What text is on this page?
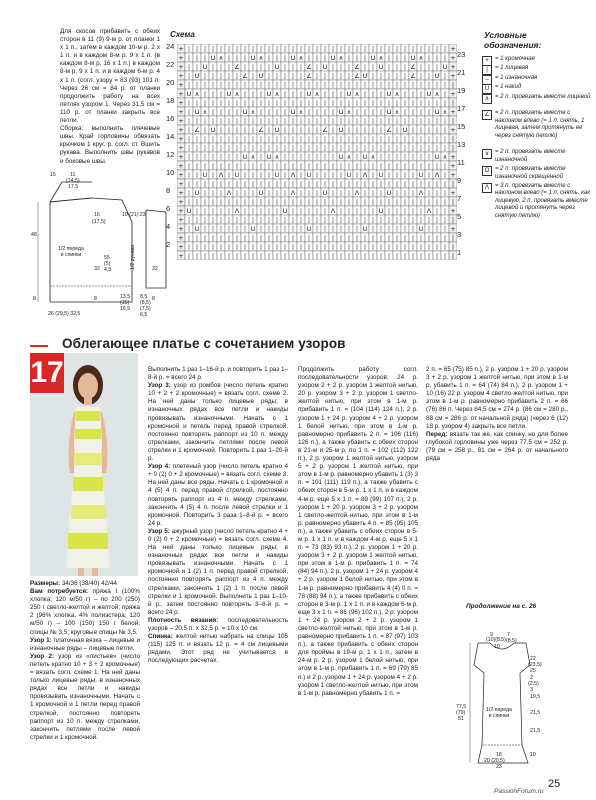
Для скосов прибавить с обеих сторон в 11 (9) 9-м р. от планки 1 х 1 п., затем в каждом 10-м р. 2 х 1 п. и в каждом 8-м р. 9 х 1 п. (в каждом 8-м р. 16 х 1 п.) в каждом 8-м р. 9 х 1 п. и в каждом 6-м р. 4 х 1 п. (согл. узору = 83 (93) 101 п. Через 26 см = 84 р. от планки продолжить работу на всех петлях узором 1. Через 31,5 см = 110 р. от планки закрыть все петли.

Сборка: выполнить плечевые швы. Край горловины обвязать крючком 1 круг. р. согл. ст. Вшить рукава. Выполнить швы рукавов и боковые швы.

15	11
(14,5)
17,5
48
1/2 переда и спинки
16
(17,5)
32
8	8
26 (29,5) 32,5
55
(5)
4,5
19 (21) 23
1/2 рукава	32
8
13,5
(15)
16,5
8,5
(8,5)
(7,5)
6,5
Схема
+ | | | | | | | | | | | | | | | | | | | | | | | | | | | | | | | | | +
+ | | | U ∧ | | | U ∧ | | | U ∧ | | | U ∧ | | | U ∧ | | | U ∧ | | | +
+ | | U | | | ∠ | | | | U | | | ∠ | U | | | ∠ | | U | | | ∠ | | | U +
+ | U | | | | | ∠ | U | | | | | ∠ | | | | | ∠ U | | | | | ∠ | | U | +
+ | | | | | | | | | | | | | | | | | | | | | | | | | | | | | | | | | |
+ U ∧ | | | U ∧ | | | U ∧ | | | U ∧ | | | U ∧ | | | U ∧ | | | U ∧ | +
+ | | | | | | | | | | | | | | | | | | | | | | | | | | | | | | | | | |
+ | U ∧ | | | | U ∧ | | | | U ∧ | | | | U ∧ | | | | U ∧ | | | | U ∧ +
+ | | | | | | | | | | | | | | | | | | | | | | | | | | | | | | | | | |
+ | ∠ | U | | | | | ∠ | U | | | | | ∠ | U | | | | | ∠ | U | | | | | +
+ | | | | | | | | | | | | | | | | | | | | | | | | | | | | | | | | | |
+ | | | | | | | | | | | | | | | | | | | | | | | | | | | | | | | | | |
+ | | | | | | | U ∧ | U ∧ | | | | | | | U ∧ | U ∧ | | | | | | | U ∧ +
+ | | | | | | | | | | | | | | | | | | | | | | | | | | | | | | | | | +
+ | | U | Λ | U | | | | U | Λ | U | | | | U | Λ | U | | | | U | Λ | +
+ | | | | | | | | | | | | | | | | | | | | | | | | | | | | | | | | | |
+ | U | | | Λ | | | U | | | Λ | | | U | | | Λ | | | U | | | Λ | | | +
+ | | | | | | | | | | | | | | | | | | | | | | | | | | | | | | | | | |
+ U | | | | | Λ | | | | | U | | | | | Λ | | | | | U | | | | | Λ | | +
+ | | | | | | | | | | | | | | | | | | | | | | | | | | | | | | | | | |
+ | U | | | | | | U | | | | | | U | | | | | | U | | | | | | U | | | +
+ | | | | | | | | | | | | | | | | | | | | | | | | | | | | | | | | | |
+ | | | | | | | | | | | | | | | | | | | | | | | | | | | | | | | | | |
+ | | | | | | | | | | | | | | | | | | | | | | | | | | | | | | | | | |
24
22
20
18
16
14
12
10
8
6
4
2
23
21
19
17
15
13
11
9
7
5
3
1
Условные обозначения:
+ = 1 кромочная
| = 1 лицевая
– = 1 изнаночная
U = 1 накид
∧ = 2 п. провязать вместе лицевой
∠ = 2 п. провязать вместе с наклоном влево (= 1 п. снять, 1 лицевая, затем протянуть ее через снятую петлю)
∨ = 2 п. провязать вместе изнаночной
Ω = 2 п. провязать вместе изнаночной скрещенной
Λ = 3 п. провязать вместе с наклоном влево (= 1 п. снять, как лицевую, 2 п. провязать вместе лицевой и протянуть через снятую петлю)
Облегающее платье с сочетанием узоров
17

Размеры: 34/36 (38/40) 42/44

Вам потребуется: пряжа I (100% хлопка; 120 м/50 г) – по 200 (250) 250 г светло-желтой и желтой; пряжа 2 (96% хлопка, 4% полиэстера; 120 м/50 г) – 100 (150) 150 г белой; спицы № 3,5; круговые спицы № 3,5.

Узор 1: платочная вязка – лицевые и изнаночные ряды – лицевые петли.

Узор 2: узор из «листьев» (число петель кратно 10 + 3 + 2 кромочные) = вязать согл. схеме 1. На ней даны только лицевые ряды; в изнаночных рядах все петли и накиды провязывать изнаночными. Начать с 1 кромочной и 1 петли перед правой стрелкой, постоянно повторять раппорт из 10 п. между стрелками, закончить петлями после левой стрелки и 1 кромочной.

Выполнить 1 раз 1–16-й р. и повторить 1 раз 1–8-й р. = всего 24 р.

Узор 3: узор из ромбов (число петель кратно 10 + 2 + 2 кромочные) = вязать согл. схеме 2. На ней даны только лицевые ряды; в изнаночных рядах все петли и накиды провязывать изнаночными. Начать с 1 кромочной и петель перед правой стрелкой, постоянно повторять раппорт из 10 п. между стрелками, закончить петлями после левой стрелки и 1 кромочной. Повторить 1 раз 1–20-й р.

Узор 4: плетеный узор (число петель кратно 4 + 0 (2) 0 + 2 кромочные) = вязать согл. схеме 3. На ней даны все ряды. Начать с 1 кромочной и 4 (5) 4 п. перед правой стрелкой, постоянно повторять раппорт из 4 п. между стрелками, закончить 4 (5) 4 п. после левой стрелки и 1 кромочной. Повторить 3 раза 1–8-й р. = всего 24 р.

Узор 5: ажурный узор (число петель кратно 4 + 0 (2) 0 + 2 кромочные) = вязать согл. схеме 4. На ней даны только лицевые ряды; в изнаночных рядах все петли и накиды провязывать изнаночными. Начать с 1 кромочной и 1 (2) 1 п. перед правой стрелкой, постоянно повторять раппорт из 4 п. между стрелками, закончить 1 (2) 1 п. после левой стрелки и 1 кромочной. Выполнить 1 раз 1–10-й р., затем постоянно повторять 3–8-й р. = всего 24 р.

Плотность вязания: последовательность узоров – 20,5 п. х 32,5 р. = 10 х 10 см.

Спинка: желтой нитью набрать на спицы 105 (115) 125 п. и вязать 12 р. = 4 см лицевыми рядами. Этот ряд не учитывается в последующих расчетах.

Продолжить работу согл. последовательности узоров: 24 р. узором 2 + 2 р. узором 1 желтой нитью, 20 р. узором 3 + 2 р. узором 1 светло-желтой нитью, при этом в 1-м р. прибавить 1 п. = (104 (114) 124 п.), 2 р. узором 1 + 24 р. узором 4 + 2 р. узором 1 белой нитью, при этом в 1-м р. равномерно прибавить 2 п. = 106 (116) 126 п.), а также убавить с обеих сторон в 21-м и 25-м р. по 1 п. = 102 (112) 122 п.), 2 р. узором 1 желтой нитью, узором 5 + 2 р. узором 1 желтой нитью, при этом в 1-м р. равномерно убавить 1 (3) 3 п. = 101 (111) 119 п.), а также убавить с обеих сторон в 5-м р. 1 х 1 п. и в каждом 4-м р. еще 5 х 1 п. = 89 (99) 107 п.), 2 р. узором 1 + 20 р. узором 3 + 2 р. узором 1 светло-желтой нитью, при этом в 1-м р. равномерно убавить 4 п. = 85 (95) 105 п.), а также убавить с обеих сторон в 5-м р. 1 х 1 п. и в каждом 4-м р. еще 5 х 1 п. = 73 (83) 93 п.), 2 р. узором 1 + 20 р. узором 3 + 2 р. узором 1 желтой нитью, при этом в 1-м р. прибавить 1 п. = 74 (84) 94 п.), 2 р. узором 1 + 24 р. узором 4 + 2 р. узором 1 белой нитью, при этом в 1-м р. равномерно прибавить 4 (4) 0 п. = 78 (88) 94 п.), а также прибавить с обеих сторон в 3-м р. 1 х 1 п. и в каждом 6-м р. еще 3 х 1 п. = 86 (96) 102 п.), 2 р. узором 1 + 24 р. узором 2 + 2 р. узором 1 светло-желтой нитью, при этом в 1-м р. равномерно прибавить 1 п. = 87 (97) 103 п.), а также прибавить с обеих сторон для проймы в 19-м р. 1 х 1 п., затем в 24-м р. 2 р. узором 1 белой нитью, при этом в 1-м р. прибавить 1 п. = 69 (79) 85 п.) и 2 р. узором 1 + 24 р. узором 4 + 2 р. узором 1 светло-желтой нитью, при этом в 1-м р. равномерно убавить 1 п. =

2 п. = 65 (75) 85 п.), 2 р. узором 1 + 20 р. узором 3 + 2 р. узором 1 желтой нитью, при этом в 1-м р. убавить 1 п. = 64 (74) 84 п.), 2 р. узором 1 + 10 (16) 22 р. узором 4 светло-желтой нитью, при этом в 1-м р. равномерно прибавить 2 п. = 66 (76) 86 п. Через 84,5 см = 274 р. (86 см = 280 р., 88 см = 286 р. от начальной ряда) (через 6 (12) 18 р. узором 4) закрыть все петли.

Перед: вязать так же, как спинку, но для более глубокой горловины уже через 77,5 см = 252 р. (79 см = 258 р., 81 см = 264 р. от начального ряда

Продолжение на с. 26
9	7
(10)(8,5) (8,5)
10
22
(23,5)
25
2
(2,5)
3
77,5
(79)
81
19,5
1/2 переда и спинки
21,5
18
20 (20,5)
23
10
21,5
25
PassionForum.ru
